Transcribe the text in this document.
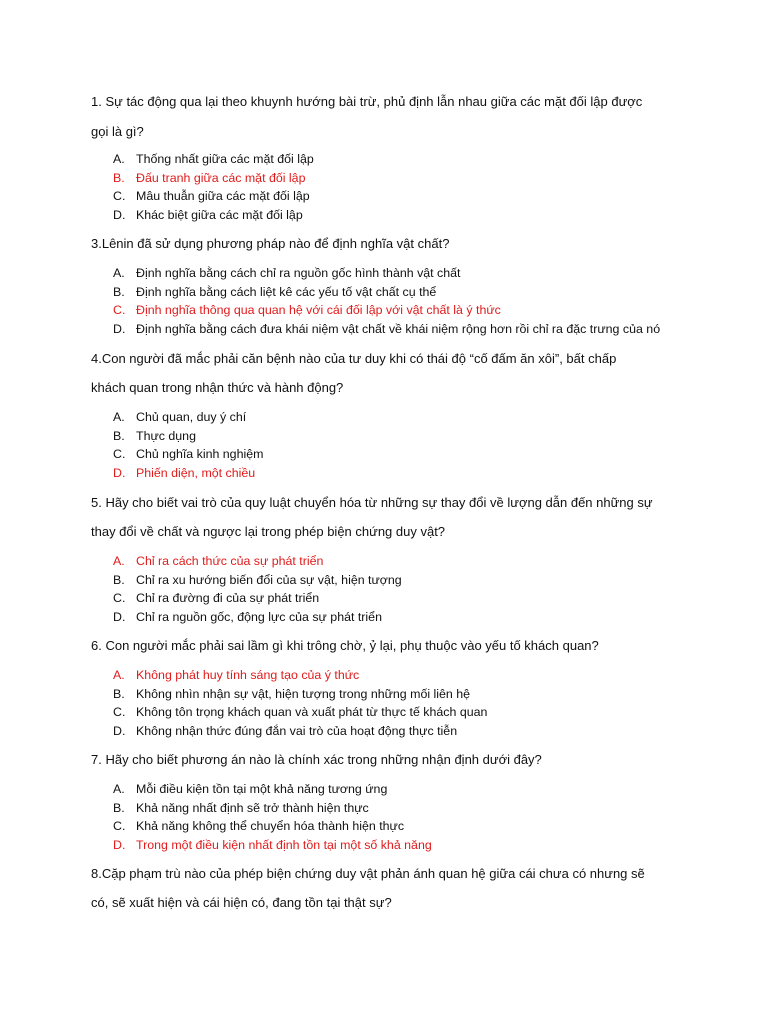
1. Sự tác động qua lại theo khuynh hướng bài trừ, phủ định lẫn nhau giữa các mặt đối lập được

gọi là gì?

A. Thống nhất giữa các mặt đối lập
B. Đấu tranh giữa các mặt đối lập
C. Mâu thuẫn giữa các mặt đối lập
D. Khác biệt giữa các mặt đối lập

3.Lênin đã sử dụng phương pháp nào để định nghĩa vật chất?

A. Định nghĩa bằng cách chỉ ra nguồn gốc hình thành vật chất
B. Định nghĩa bằng cách liệt kê các yếu tố vật chất cụ thể
C. Định nghĩa thông qua quan hệ với cái đối lập với vật chất là ý thức
D. Định nghĩa bằng cách đưa khái niệm vật chất về khái niệm rộng hơn rồi chỉ ra đặc trưng của nó

4.Con người đã mắc phải căn bệnh nào của tư duy khi có thái độ “cố đấm ăn xôi”, bất chấp

khách quan trong nhận thức và hành động?

A. Chủ quan, duy ý chí
B. Thực dụng
C. Chủ nghĩa kinh nghiệm
D. Phiến diện, một chiều

5. Hãy cho biết vai trò của quy luật chuyển hóa từ những sự thay đổi về lượng dẫn đến những sự

thay đổi về chất và ngược lại trong phép biện chứng duy vật?

A. Chỉ ra cách thức của sự phát triển
B. Chỉ ra xu hướng biến đổi của sự vật, hiện tượng
C. Chỉ ra đường đi của sự phát triển
D. Chỉ ra nguồn gốc, động lực của sự phát triển

6. Con người mắc phải sai lầm gì khi trông chờ, ỷ lại, phụ thuộc vào yếu tố khách quan?

A. Không phát huy tính sáng tạo của ý thức
B. Không nhìn nhận sự vật, hiện tượng trong những mối liên hệ
C. Không tôn trọng khách quan và xuất phát từ thực tế khách quan
D. Không nhận thức đúng đắn vai trò của hoạt động thực tiễn

7. Hãy cho biết phương án nào là chính xác trong những nhận định dưới đây?

A. Mỗi điều kiện tồn tại một khả năng tương ứng
B. Khả năng nhất định sẽ trở thành hiện thực
C. Khả năng không thể chuyển hóa thành hiện thực
D. Trong một điều kiện nhất định tồn tại một số khả năng

8.Cặp phạm trù nào của phép biện chứng duy vật phản ánh quan hệ giữa cái chưa có nhưng sẽ

có, sẽ xuất hiện và cái hiện có, đang tồn tại thật sự?
